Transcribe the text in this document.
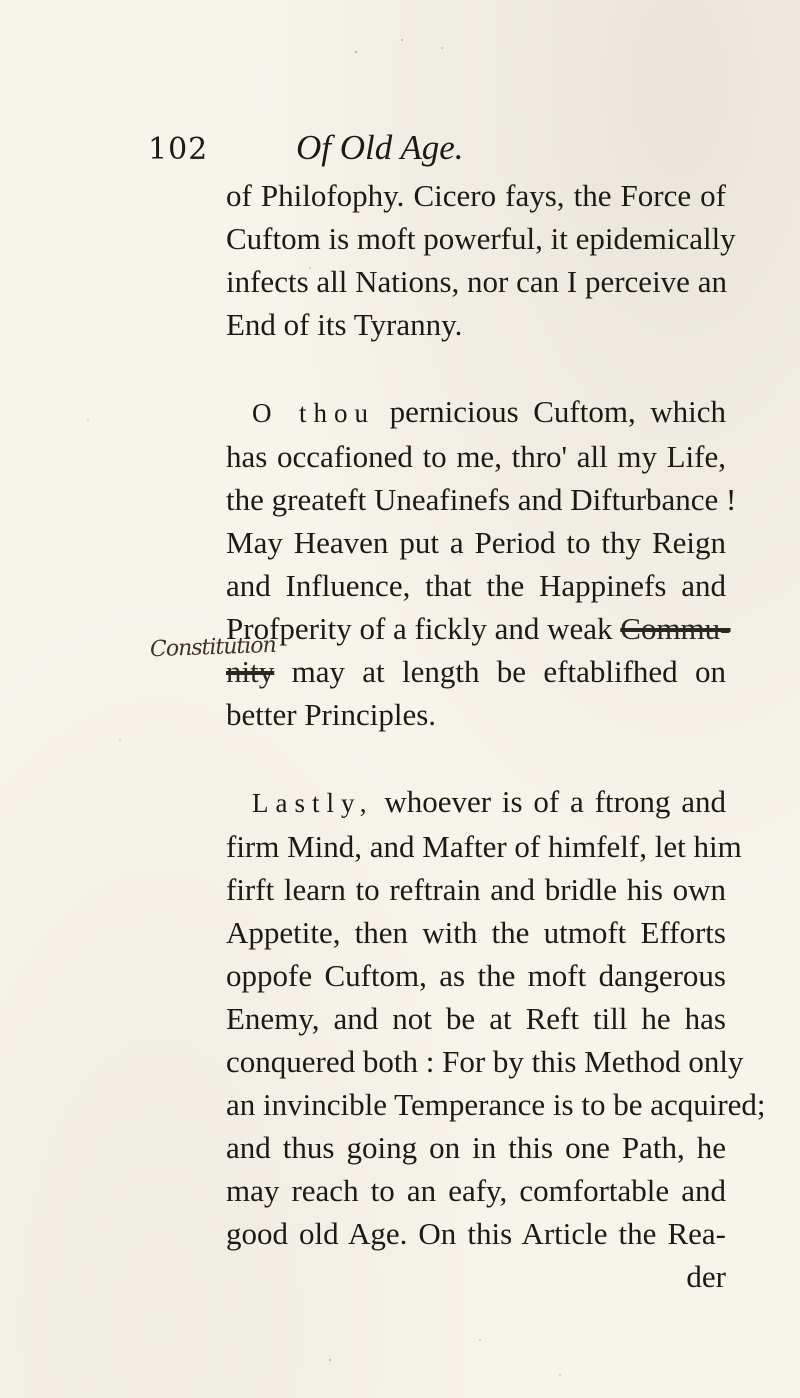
102	Of Old Age.
of Philofophy. Cicero fays, the Force of
Cuftom is moft powerful, it epidemically
infects all Nations, nor can I perceive an
End of its Tyranny.
O thou pernicious Cuftom, which
has occafioned to me, thro' all my Life,
the greateft Uneafinefs and Difturbance !
May Heaven put a Period to thy Reign
and Influence, that the Happinefs and
Profperity of a fickly and weak Commu-
nity may at length be eftablifhed on
better Principles.
Lastly, whoever is of a ftrong and
firm Mind, and Mafter of himfelf, let him
firft learn to reftrain and bridle his own
Appetite, then with the utmoft Efforts
oppofe Cuftom, as the moft dangerous
Enemy, and not be at Reft till he has
conquered both : For by this Method only
an invincible Temperance is to be acquired;
and thus going on in this one Path, he
may reach to an eafy, comfortable and
good old Age. On this Article the Rea-
der
Constitution
